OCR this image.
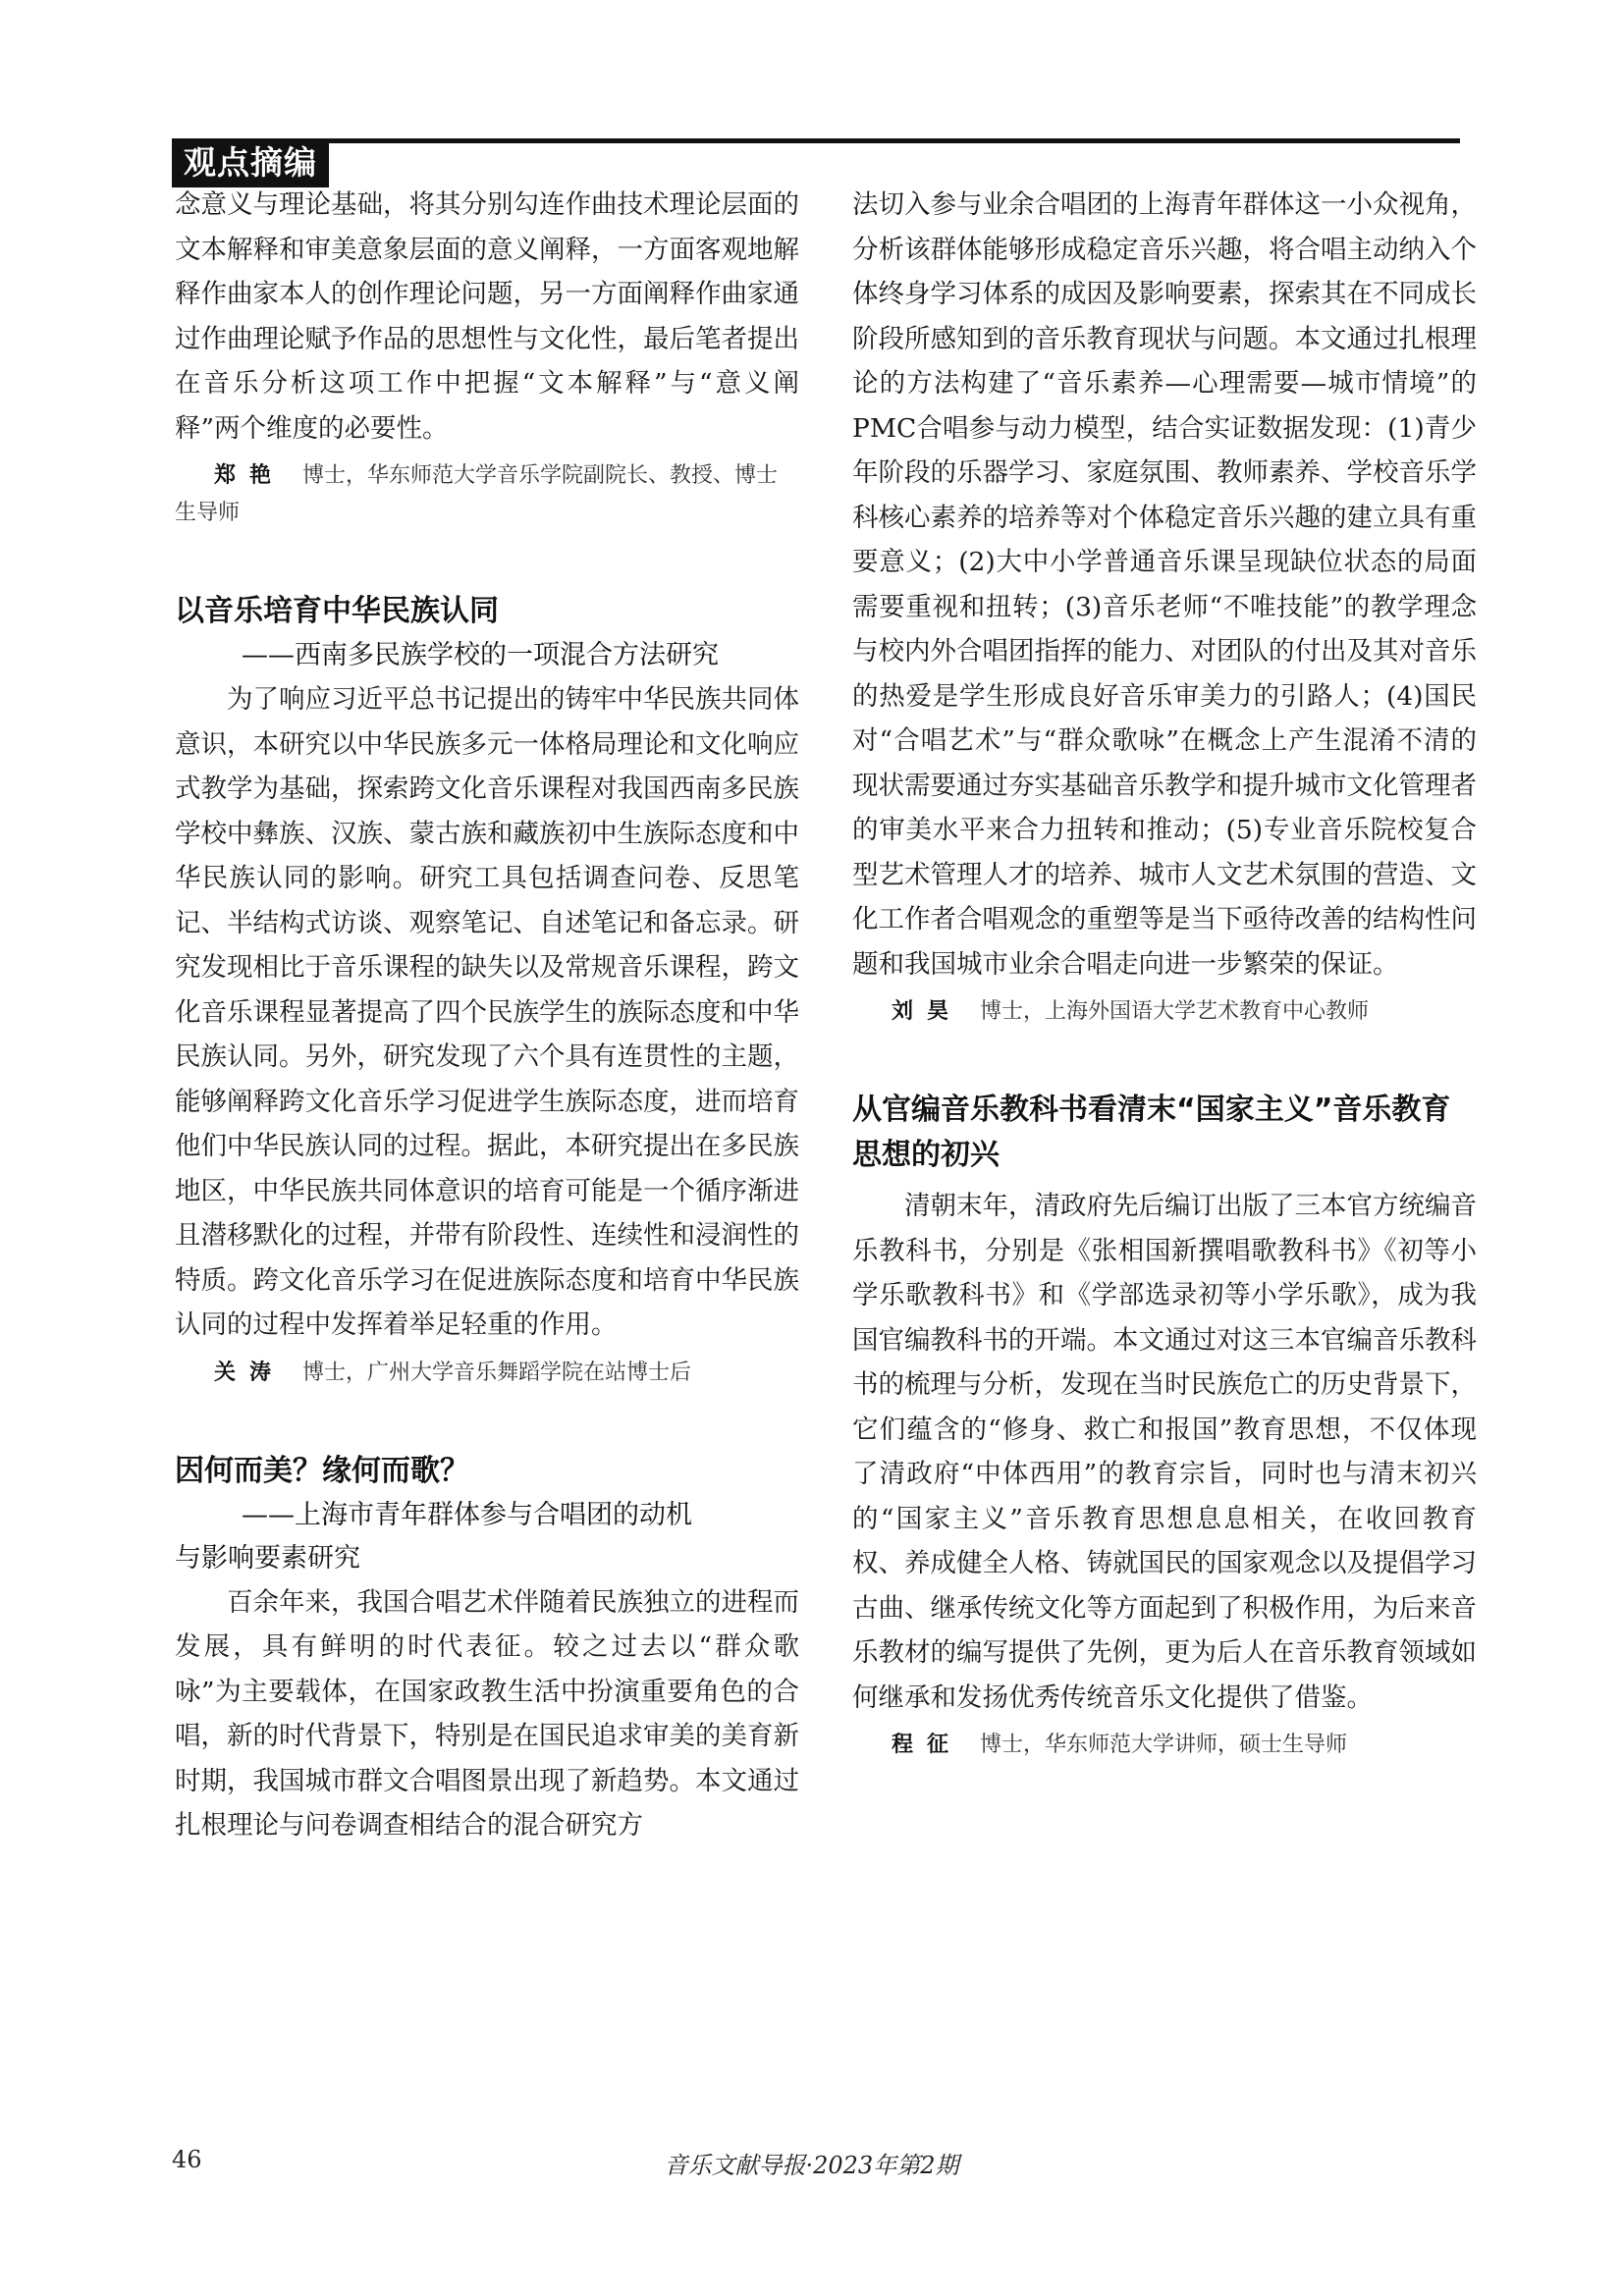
观点摘编

念意义与理论基础，将其分别勾连作曲技术理论层面的文本解释和审美意象层面的意义阐释，一方面客观地解释作曲家本人的创作理论问题，另一方面阐释作曲家通过作曲理论赋予作品的思想性与文化性，最后笔者提出在音乐分析这项工作中把握“文本解释”与“意义阐释”两个维度的必要性。

郑艳 博士，华东师范大学音乐学院副院长、教授、博士生导师

以音乐培育中华民族认同
——西南多民族学校的一项混合方法研究

为了响应习近平总书记提出的铸牢中华民族共同体意识，本研究以中华民族多元一体格局理论和文化响应式教学为基础，探索跨文化音乐课程对我国西南多民族学校中彝族、汉族、蒙古族和藏族初中生族际态度和中华民族认同的影响。研究工具包括调查问卷、反思笔记、半结构式访谈、观察笔记、自述笔记和备忘录。研究发现相比于音乐课程的缺失以及常规音乐课程，跨文化音乐课程显著提高了四个民族学生的族际态度和中华民族认同。另外，研究发现了六个具有连贯性的主题，能够阐释跨文化音乐学习促进学生族际态度，进而培育他们中华民族认同的过程。据此，本研究提出在多民族地区，中华民族共同体意识的培育可能是一个循序渐进且潜移默化的过程，并带有阶段性、连续性和浸润性的特质。跨文化音乐学习在促进族际态度和培育中华民族认同的过程中发挥着举足轻重的作用。

关涛 博士，广州大学音乐舞蹈学院在站博士后

因何而美？缘何而歌？
——上海市青年群体参与合唱团的动机
与影响要素研究

百余年来，我国合唱艺术伴随着民族独立的进程而发展，具有鲜明的时代表征。较之过去以“群众歌咏”为主要载体，在国家政教生活中扮演重要角色的合唱，新的时代背景下，特别是在国民追求审美的美育新时期，我国城市群文合唱图景出现了新趋势。本文通过扎根理论与问卷调查相结合的混合研究方

法切入参与业余合唱团的上海青年群体这一小众视角，分析该群体能够形成稳定音乐兴趣，将合唱主动纳入个体终身学习体系的成因及影响要素，探索其在不同成长阶段所感知到的音乐教育现状与问题。本文通过扎根理论的方法构建了“音乐素养—心理需要—城市情境”的PMC合唱参与动力模型，结合实证数据发现：(1)青少年阶段的乐器学习、家庭氛围、教师素养、学校音乐学科核心素养的培养等对个体稳定音乐兴趣的建立具有重要意义；(2)大中小学普通音乐课呈现缺位状态的局面需要重视和扭转；(3)音乐老师“不唯技能”的教学理念与校内外合唱团指挥的能力、对团队的付出及其对音乐的热爱是学生形成良好音乐审美力的引路人；(4)国民对“合唱艺术”与“群众歌咏”在概念上产生混淆不清的现状需要通过夯实基础音乐教学和提升城市文化管理者的审美水平来合力扭转和推动；(5)专业音乐院校复合型艺术管理人才的培养、城市人文艺术氛围的营造、文化工作者合唱观念的重塑等是当下亟待改善的结构性问题和我国城市业余合唱走向进一步繁荣的保证。

刘昊 博士，上海外国语大学艺术教育中心教师

从官编音乐教科书看清末“国家主义”音乐教育思想的初兴

清朝末年，清政府先后编订出版了三本官方统编音乐教科书，分别是《张相国新撰唱歌教科书》《初等小学乐歌教科书》和《学部选录初等小学乐歌》，成为我国官编教科书的开端。本文通过对这三本官编音乐教科书的梳理与分析，发现在当时民族危亡的历史背景下，它们蕴含的“修身、救亡和报国”教育思想，不仅体现了清政府“中体西用”的教育宗旨，同时也与清末初兴的“国家主义”音乐教育思想息息相关，在收回教育权、养成健全人格、铸就国民的国家观念以及提倡学习古曲、继承传统文化等方面起到了积极作用，为后来音乐教材的编写提供了先例，更为后人在音乐教育领域如何继承和发扬优秀传统音乐文化提供了借鉴。

程征 博士，华东师范大学讲师，硕士生导师

46	音乐文献导报·2023年第2期
